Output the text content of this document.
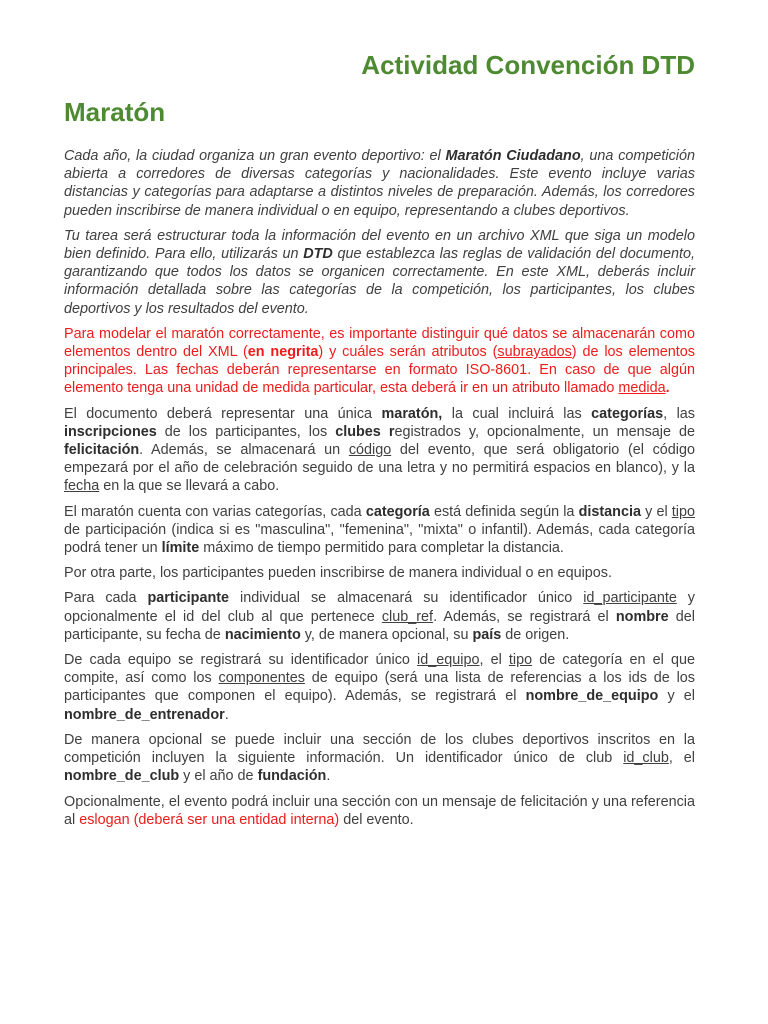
Actividad Convención DTD
Maratón

Cada año, la ciudad organiza un gran evento deportivo: el Maratón Ciudadano, una competición abierta a corredores de diversas categorías y nacionalidades. Este evento incluye varias distancias y categorías para adaptarse a distintos niveles de preparación. Además, los corredores pueden inscribirse de manera individual o en equipo, representando a clubes deportivos.

Tu tarea será estructurar toda la información del evento en un archivo XML que siga un modelo bien definido. Para ello, utilizarás un DTD que establezca las reglas de validación del documento, garantizando que todos los datos se organicen correctamente. En este XML, deberás incluir información detallada sobre las categorías de la competición, los participantes, los clubes deportivos y los resultados del evento.

Para modelar el maratón correctamente, es importante distinguir qué datos se almacenarán como elementos dentro del XML (en negrita) y cuáles serán atributos (subrayados) de los elementos principales. Las fechas deberán representarse en formato ISO-8601. En caso de que algún elemento tenga una unidad de medida particular, esta deberá ir en un atributo llamado medida.

El documento deberá representar una única maratón, la cual incluirá las categorías, las inscripciones de los participantes, los clubes registrados y, opcionalmente, un mensaje de felicitación. Además, se almacenará un código del evento, que será obligatorio (el código empezará por el año de celebración seguido de una letra y no permitirá espacios en blanco), y la fecha en la que se llevará a cabo.

El maratón cuenta con varias categorías, cada categoría está definida según la distancia y el tipo de participación (indica si es "masculina", "femenina", "mixta" o infantil). Además, cada categoría podrá tener un límite máximo de tiempo permitido para completar la distancia.

Por otra parte, los participantes pueden inscribirse de manera individual o en equipos.

Para cada participante individual se almacenará su identificador único id_participante y opcionalmente el id del club al que pertenece club_ref. Además, se registrará el nombre del participante, su fecha de nacimiento y, de manera opcional, su país de origen.

De cada equipo se registrará su identificador único id_equipo, el tipo de categoría en el que compite, así como los componentes de equipo (será una lista de referencias a los ids de los participantes que componen el equipo). Además, se registrará el nombre_de_equipo y el nombre_de_entrenador.

De manera opcional se puede incluir una sección de los clubes deportivos inscritos en la competición incluyen la siguiente información. Un identificador único de club id_club, el nombre_de_club y el año de fundación.

Opcionalmente, el evento podrá incluir una sección con un mensaje de felicitación y una referencia al eslogan (deberá ser una entidad interna) del evento.
